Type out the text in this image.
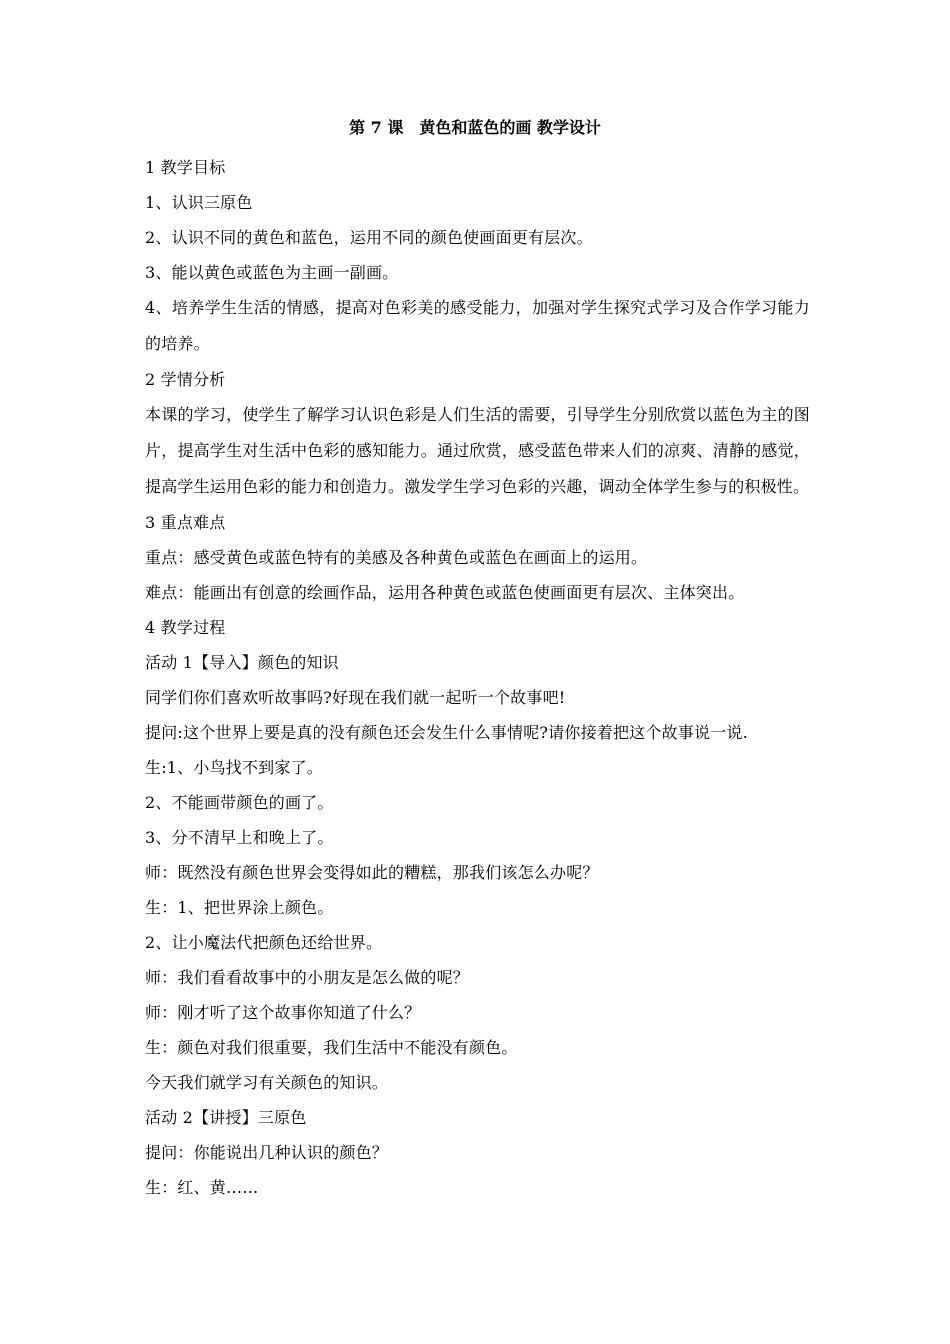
第 7 课　黄色和蓝色的画 教学设计
1 教学目标
1、认识三原色
2、认识不同的黄色和蓝色，运用不同的颜色使画面更有层次。
3、能以黄色或蓝色为主画一副画。
4、培养学生生活的情感，提高对色彩美的感受能力，加强对学生探究式学习及合作学习能力的培养。
2 学情分析
本课的学习，使学生了解学习认识色彩是人们生活的需要，引导学生分别欣赏以蓝色为主的图片，提高学生对生活中色彩的感知能力。通过欣赏，感受蓝色带来人们的凉爽、清静的感觉，提高学生运用色彩的能力和创造力。激发学生学习色彩的兴趣，调动全体学生参与的积极性。
3 重点难点
重点：感受黄色或蓝色特有的美感及各种黄色或蓝色在画面上的运用。
难点：能画出有创意的绘画作品，运用各种黄色或蓝色使画面更有层次、主体突出。
4 教学过程
活动 1【导入】颜色的知识
同学们你们喜欢听故事吗?好现在我们就一起听一个故事吧!
提问:这个世界上要是真的没有颜色还会发生什么事情呢?请你接着把这个故事说一说.
生:1、小鸟找不到家了。
2、不能画带颜色的画了。
3、分不清早上和晚上了。
师：既然没有颜色世界会变得如此的糟糕，那我们该怎么办呢？
生：1、把世界涂上颜色。
2、让小魔法代把颜色还给世界。
师：我们看看故事中的小朋友是怎么做的呢？
师：刚才听了这个故事你知道了什么？
生：颜色对我们很重要，我们生活中不能没有颜色。
今天我们就学习有关颜色的知识。
活动 2【讲授】三原色
提问：你能说出几种认识的颜色？
生：红、黄……
